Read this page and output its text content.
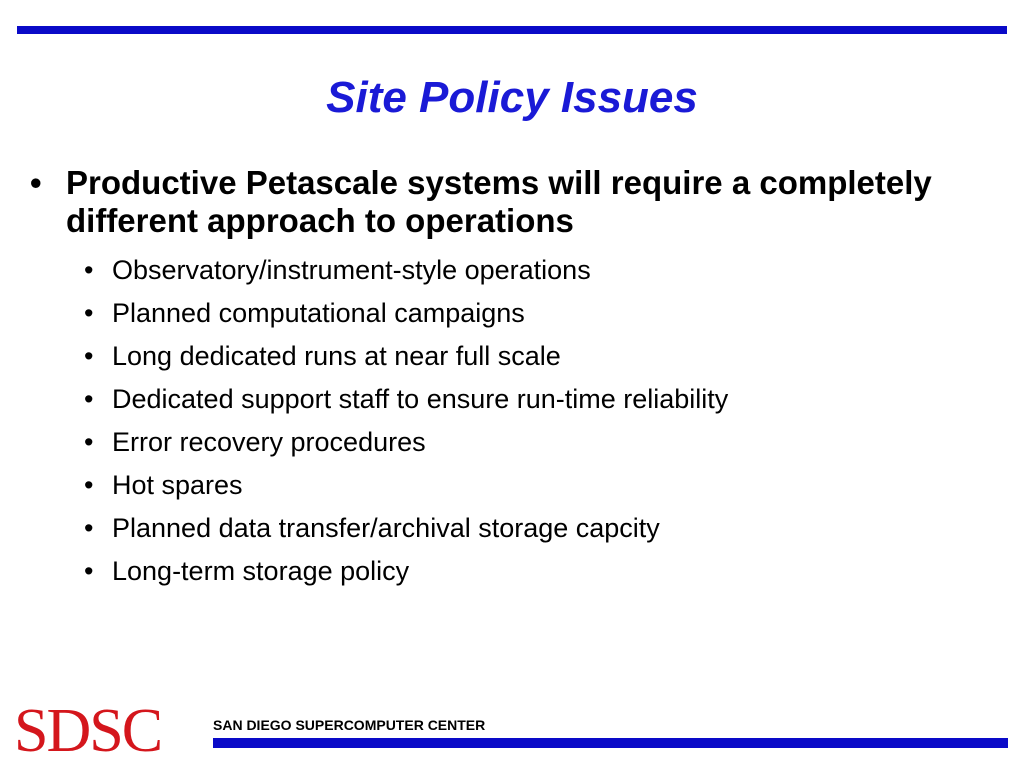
Site Policy Issues
• Productive Petascale systems will require a completely different approach to operations
• Observatory/instrument-style operations
• Planned computational campaigns
• Long dedicated runs at near full scale
• Dedicated support staff to ensure run-time reliability
• Error recovery procedures
• Hot spares
• Planned data transfer/archival storage capcity
• Long-term storage policy
SDSC	SAN DIEGO SUPERCOMPUTER CENTER
